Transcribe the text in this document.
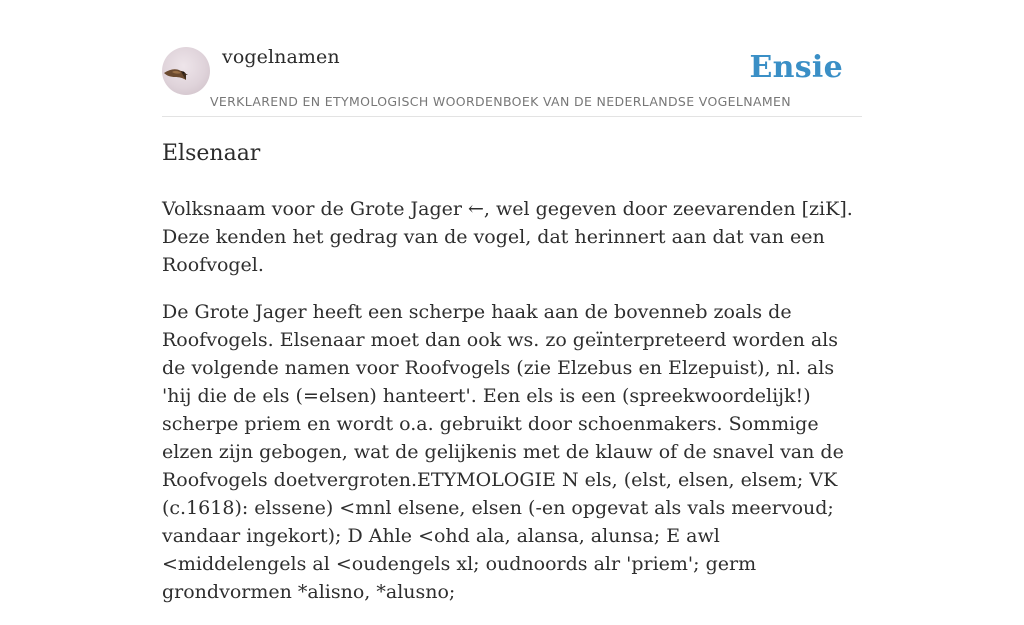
vogelnamen
VERKLAREND EN ETYMOLOGISCH WOORDENBOEK VAN DE NEDERLANDSE VOGELNAMEN
Ensie
Elsenaar

Volksnaam voor de Grote Jager ←, wel gegeven door zeevarenden [ziK]. Deze kenden het gedrag van de vogel, dat herinnert aan dat van een Roofvogel.

De Grote Jager heeft een scherpe haak aan de bovenneb zoals de Roofvogels. Elsenaar moet dan ook ws. zo geïnterpreteerd worden als de volgende namen voor Roofvogels (zie Elzebus en Elzepuist), nl. als 'hij die de els (=elsen) hanteert'. Een els is een (spreekwoordelijk!) scherpe priem en wordt o.a. gebruikt door schoenmakers. Sommige elzen zijn gebogen, wat de gelijkenis met de klauw of de snavel van de Roofvogels doetvergroten.ETYMOLOGIE N els, (elst, elsen, elsem; VK (c.1618): elssene) <mnl elsene, elsen (-en opgevat als vals meervoud; vandaar ingekort); D Ahle <ohd ala, alansa, alunsa; E awl <middelengels al <oudengels xl; oudnoords alr 'priem'; germ grondvormen *alisno, *alusno;
